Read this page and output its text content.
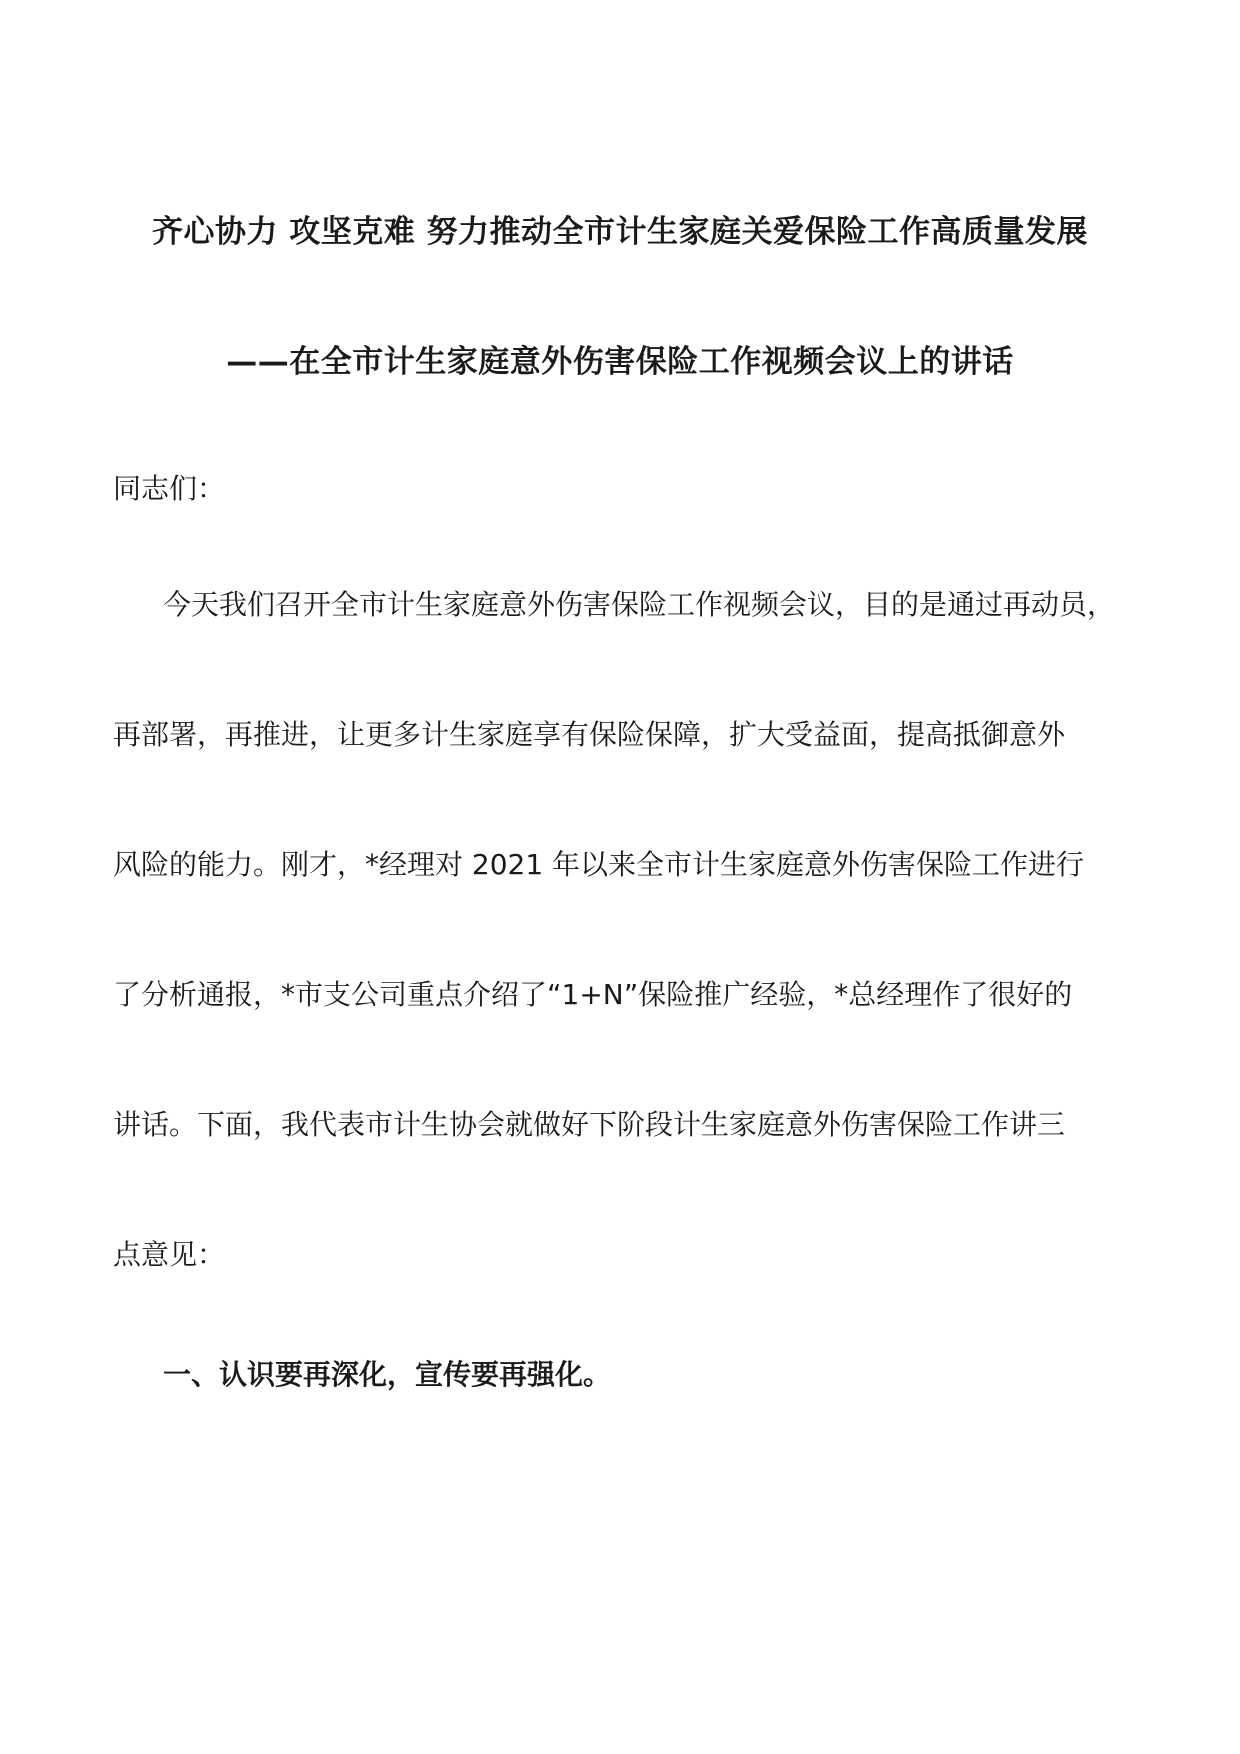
齐心协力 攻坚克难 努力推动全市计生家庭关爱保险工作高质量发展
——在全市计生家庭意外伤害保险工作视频会议上的讲话
同志们：
今天我们召开全市计生家庭意外伤害保险工作视频会议，目的是通过再动员，
再部署，再推进，让更多计生家庭享有保险保障，扩大受益面，提高抵御意外
风险的能力。刚才，*经理对 2021 年以来全市计生家庭意外伤害保险工作进行
了分析通报，*市支公司重点介绍了“1+N”保险推广经验，*总经理作了很好的
讲话。下面，我代表市计生协会就做好下阶段计生家庭意外伤害保险工作讲三
点意见：
一、认识要再深化，宣传要再强化。
